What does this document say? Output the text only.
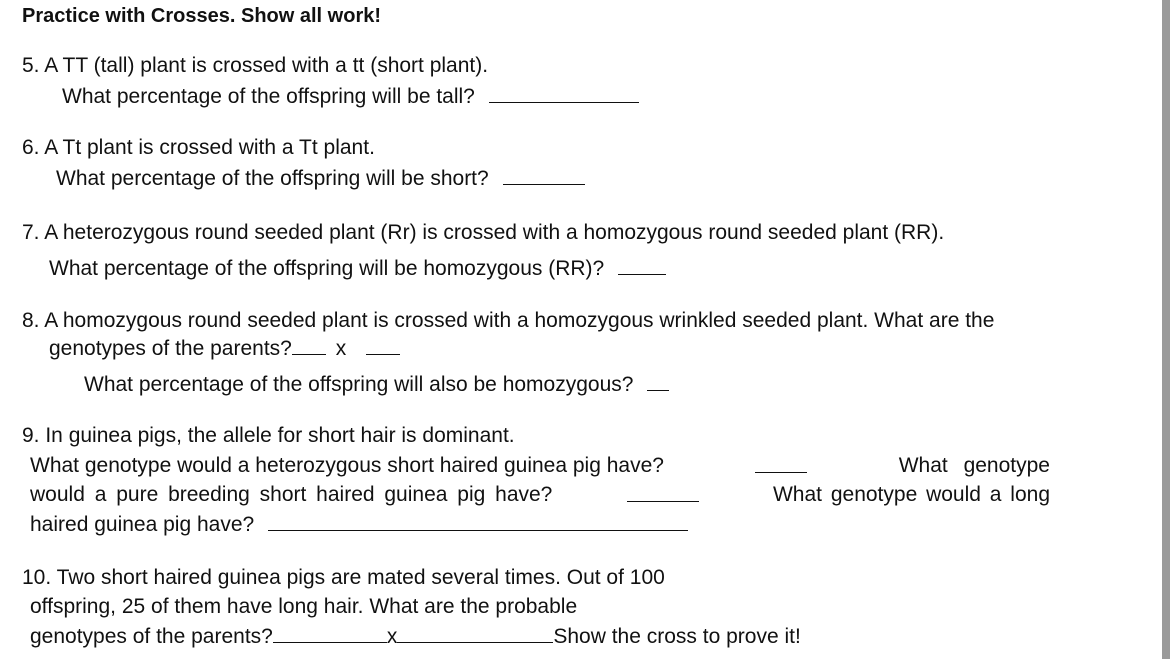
Practice with Crosses. Show all work!
5. A TT (tall) plant is crossed with a tt (short plant).
What percentage of the offspring will be tall?
6. A Tt plant is crossed with a Tt plant.
What percentage of the offspring will be short?
7. A heterozygous round seeded plant (Rr) is crossed with a homozygous round seeded plant (RR).
What percentage of the offspring will be homozygous (RR)?
8. A homozygous round seeded plant is crossed with a homozygous wrinkled seeded plant. What are the
genotypes of the parents? x
What percentage of the offspring will also be homozygous?
9. In guinea pigs, the allele for short hair is dominant.
What genotype would a heterozygous short haired guinea pig have?	What genotype
would a pure breeding short haired guinea pig have?	What genotype would a long
haired guinea pig have?
10. Two short haired guinea pigs are mated several times. Out of 100
offspring, 25 of them have long hair. What are the probable
genotypes of the parents?	x	Show the cross to prove it!
